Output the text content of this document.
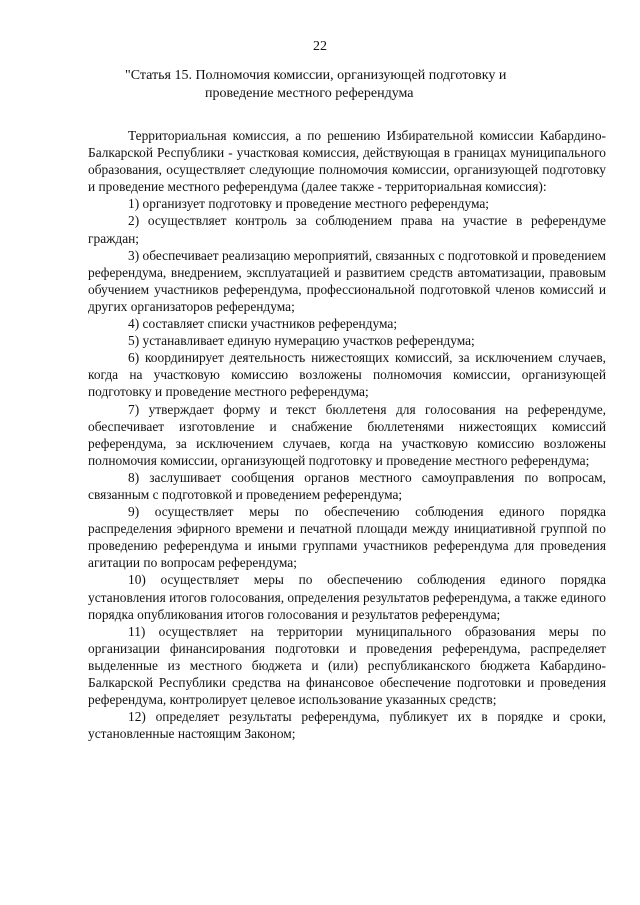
22
"Статья 15. Полномочия комиссии, организующей подготовку и
проведение местного референдума

Территориальная комиссия, а по решению Избирательной комиссии Кабардино-Балкарской Республики - участковая комиссия, действующая в границах муниципального образования, осуществляет следующие полномочия комиссии, организующей подготовку и проведение местного референдума (далее также - территориальная комиссия):

1) организует подготовку и проведение местного референдума;

2) осуществляет контроль за соблюдением права на участие в референдуме граждан;

3) обеспечивает реализацию мероприятий, связанных с подготовкой и проведением референдума, внедрением, эксплуатацией и развитием средств автоматизации, правовым обучением участников референдума, профессиональной подготовкой членов комиссий и других организаторов референдума;

4) составляет списки участников референдума;

5) устанавливает единую нумерацию участков референдума;

6) координирует деятельность нижестоящих комиссий, за исключением случаев, когда на участковую комиссию возложены полномочия комиссии, организующей подготовку и проведение местного референдума;

7) утверждает форму и текст бюллетеня для голосования на референдуме, обеспечивает изготовление и снабжение бюллетенями нижестоящих комиссий референдума, за исключением случаев, когда на участковую комиссию возложены полномочия комиссии, организующей подготовку и проведение местного референдума;

8) заслушивает сообщения органов местного самоуправления по вопросам, связанным с подготовкой и проведением референдума;

9) осуществляет меры по обеспечению соблюдения единого порядка распределения эфирного времени и печатной площади между инициативной группой по проведению референдума и иными группами участников референдума для проведения агитации по вопросам референдума;

10) осуществляет меры по обеспечению соблюдения единого порядка установления итогов голосования, определения результатов референдума, а также единого порядка опубликования итогов голосования и результатов референдума;

11) осуществляет на территории муниципального образования меры по организации финансирования подготовки и проведения референдума, распределяет выделенные из местного бюджета и (или) республиканского бюджета Кабардино-Балкарской Республики средства на финансовое обеспечение подготовки и проведения референдума, контролирует целевое использование указанных средств;

12) определяет результаты референдума, публикует их в порядке и сроки, установленные настоящим Законом;
